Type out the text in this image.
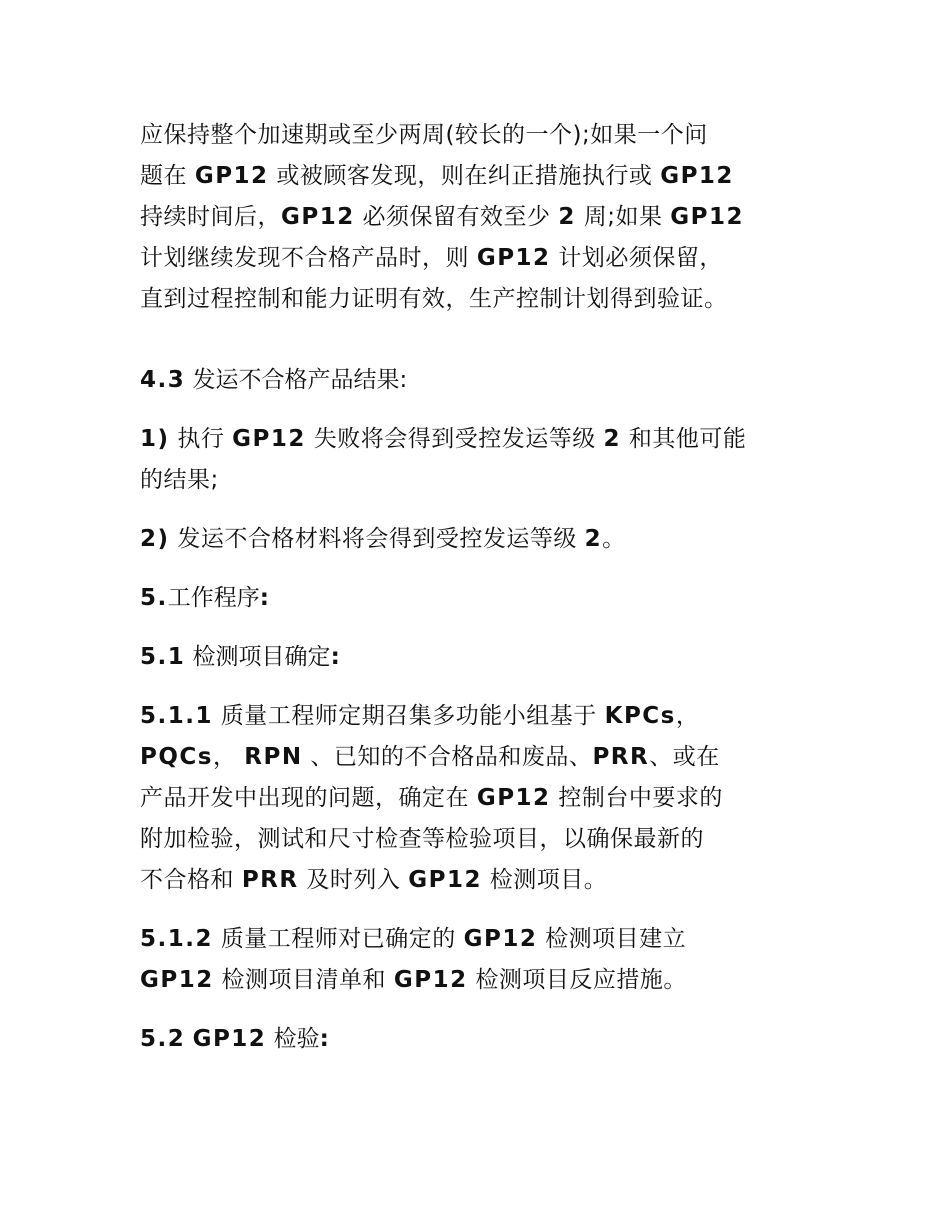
应保持整个加速期或至少两周(较长的一个);如果一个问
题在 GP12 或被顾客发现，则在纠正措施执行或 GP12
持续时间后，GP12 必须保留有效至少 2 周;如果 GP12
计划继续发现不合格产品时，则 GP12 计划必须保留，
直到过程控制和能力证明有效，生产控制计划得到验证。
4.3 发运不合格产品结果:
1) 执行 GP12 失败将会得到受控发运等级 2 和其他可能
的结果;
2) 发运不合格材料将会得到受控发运等级 2。
5.工作程序:
5.1 检测项目确定:
5.1.1 质量工程师定期召集多功能小组基于 KPCs，
PQCs， RPN 、已知的不合格品和废品、PRR、或在
产品开发中出现的问题，确定在 GP12 控制台中要求的
附加检验，测试和尺寸检查等检验项目，以确保最新的
不合格和 PRR 及时列入 GP12 检测项目。
5.1.2 质量工程师对已确定的 GP12 检测项目建立
GP12 检测项目清单和 GP12 检测项目反应措施。
5.2 GP12 检验:
